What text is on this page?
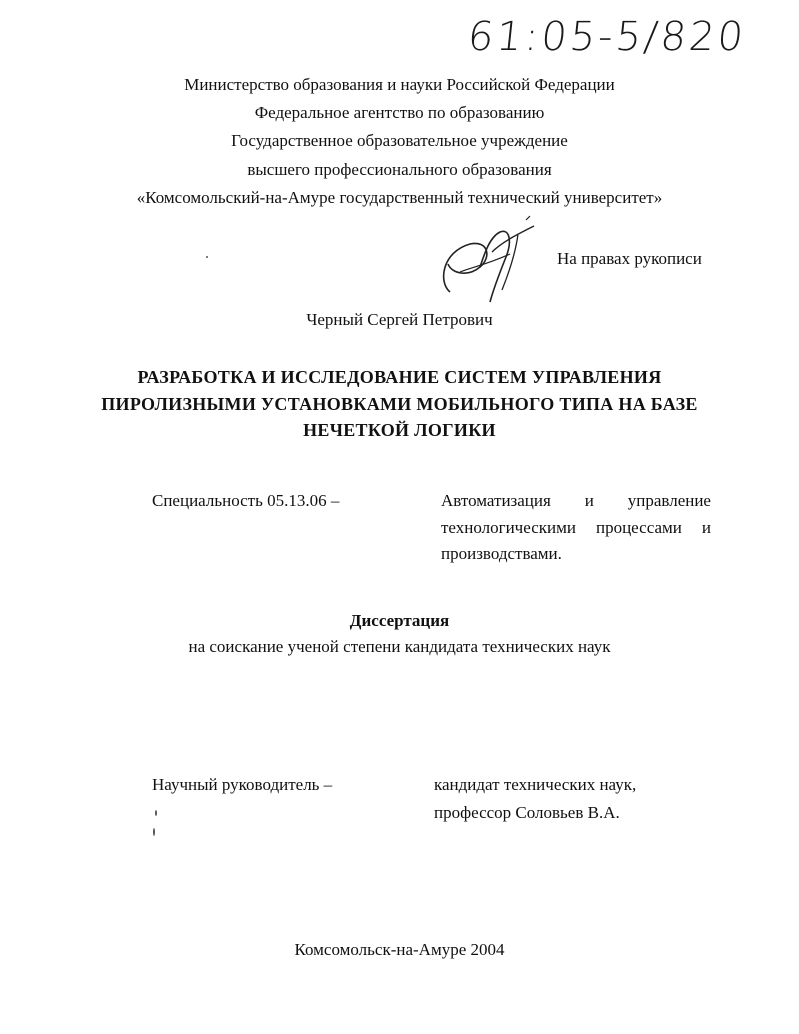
61:05-5/820
Министерство образования и науки Российской Федерации
Федеральное агентство по образованию
Государственное образовательное учреждение
высшего профессионального образования
«Комсомольский-на-Амуре государственный технический университет»
На правах рукописи
Черный Сергей Петрович
РАЗРАБОТКА И ИССЛЕДОВАНИЕ СИСТЕМ УПРАВЛЕНИЯ
ПИРОЛИЗНЫМИ УСТАНОВКАМИ МОБИЛЬНОГО ТИПА НА БАЗЕ
НЕЧЕТКОЙ ЛОГИКИ
Специальность 05.13.06 –	Автоматизация и управление
технологическими процессами и
производствами.
Диссертация
на соискание ученой степени кандидата технических наук
Научный руководитель –	кандидат технических наук,
профессор Соловьев В.А.
Комсомольск-на-Амуре 2004
